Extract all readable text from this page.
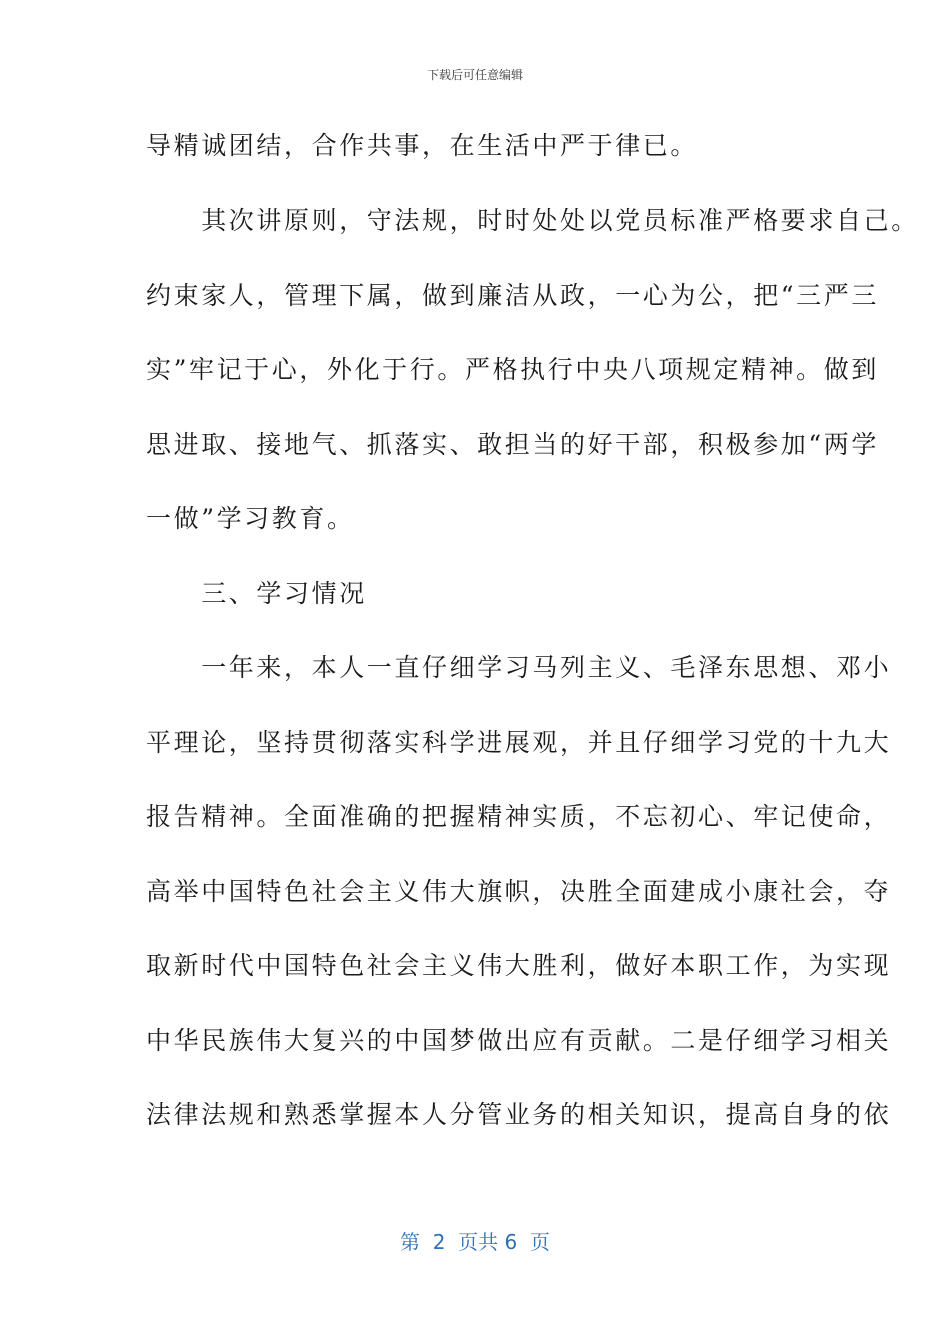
下载后可任意编辑
导精诚团结，合作共事，在生活中严于律已。
　　其次讲原则，守法规，时时处处以党员标准严格要求自己。
约束家人，管理下属，做到廉洁从政，一心为公，把“三严三
实”牢记于心，外化于行。严格执行中央八项规定精神。做到
思进取、接地气、抓落实、敢担当的好干部，积极参加“两学
一做”学习教育。
　　三、学习情况
　　一年来，本人一直仔细学习马列主义、毛泽东思想、邓小
平理论，坚持贯彻落实科学进展观，并且仔细学习党的十九大
报告精神。全面准确的把握精神实质，不忘初心、牢记使命，
高举中国特色社会主义伟大旗帜，决胜全面建成小康社会，夺
取新时代中国特色社会主义伟大胜利，做好本职工作，为实现
中华民族伟大复兴的中国梦做出应有贡献。二是仔细学习相关
法律法规和熟悉掌握本人分管业务的相关知识，提高自身的依
第  2  页共 6  页
